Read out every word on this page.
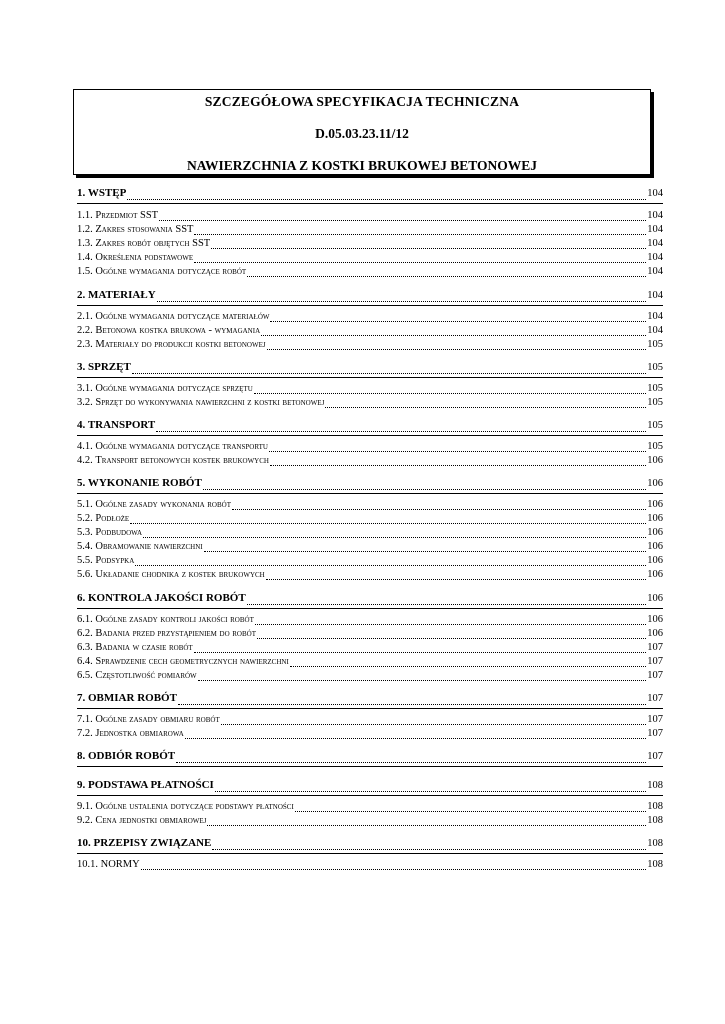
SZCZEGÓŁOWA SPECYFIKACJA TECHNICZNA
D.05.03.23.11/12
NAWIERZCHNIA Z KOSTKI BRUKOWEJ BETONOWEJ
1. WSTĘP	104
1.1. Przedmiot SST	104
1.2. Zakres stosowania SST	104
1.3. Zakres robót objętych SST	104
1.4. Określenia podstawowe	104
1.5. Ogólne wymagania dotyczące robót	104
2. MATERIAŁY	104
2.1. Ogólne wymagania dotyczące materiałów	104
2.2. Betonowa kostka brukowa - wymagania	104
2.3. Materiały do produkcji kostki betonowej	105
3. SPRZĘT	105
3.1. Ogólne wymagania dotyczące sprzętu	105
3.2. Sprzęt do wykonywania nawierzchni z kostki betonowej	105
4. TRANSPORT	105
4.1. Ogólne wymagania dotyczące transportu	105
4.2. Transport betonowych kostek brukowych	106
5. WYKONANIE ROBÓT	106
5.1. Ogólne zasady wykonania robót	106
5.2. Podłoże	106
5.3. Podbudowa	106
5.4. Obramowanie nawierzchni	106
5.5. Podsypka	106
5.6. Układanie chodnika z kostek brukowych	106
6. KONTROLA JAKOŚCI ROBÓT	106
6.1. Ogólne zasady kontroli jakości robót	106
6.2. Badania przed przystąpieniem do robót	106
6.3. Badania w czasie robót	107
6.4. Sprawdzenie cech geometrycznych nawierzchni	107
6.5. Częstotliwość pomiarów	107
7. OBMIAR ROBÓT	107
7.1. Ogólne zasady obmiaru robót	107
7.2. Jednostka obmiarowa	107
8. ODBIÓR ROBÓT	107
9. PODSTAWA PŁATNOŚCI	108
9.1. Ogólne ustalenia dotyczące podstawy płatności	108
9.2. Cena jednostki obmiarowej	108
10. PRZEPISY ZWIĄZANE	108
10.1. NORMY	108
